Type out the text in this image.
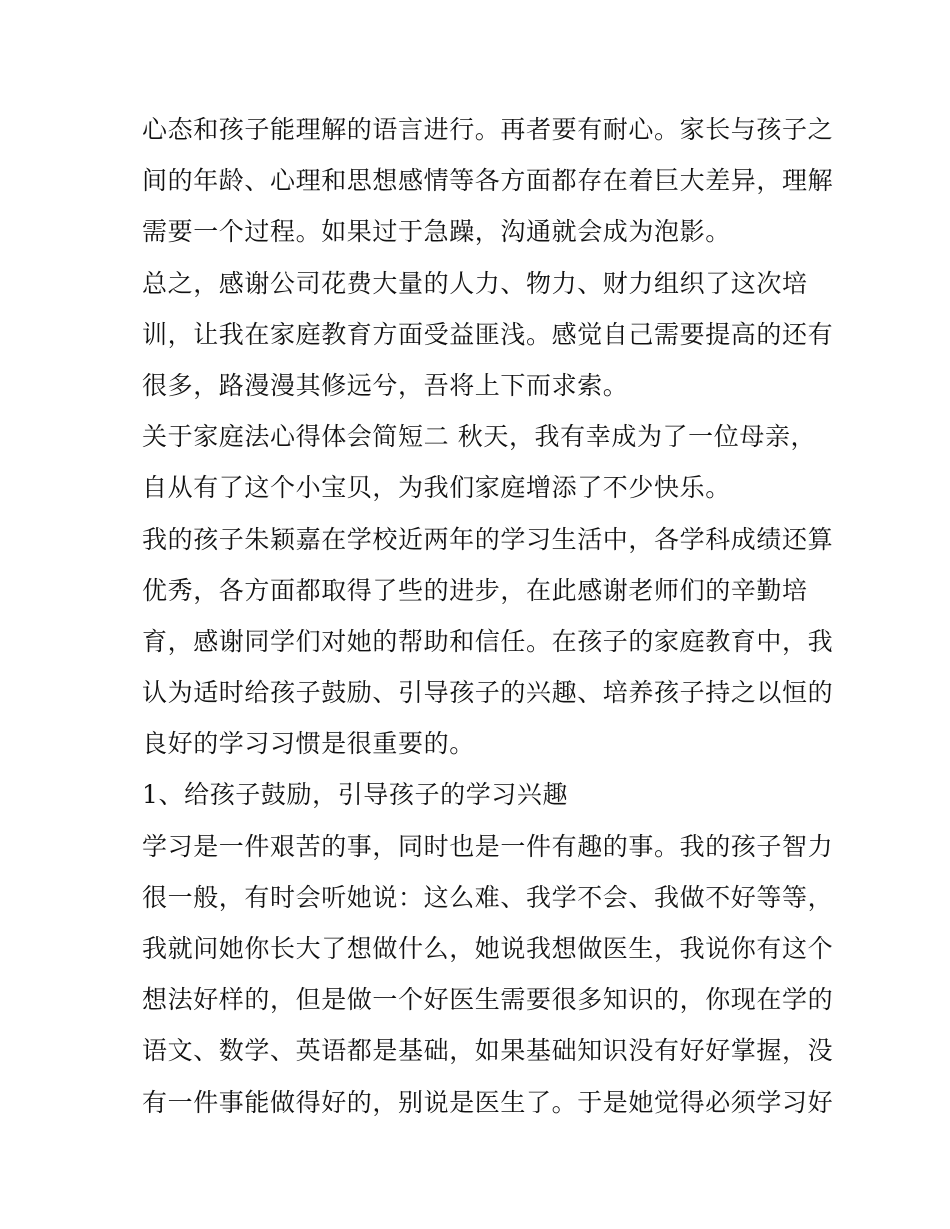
心态和孩子能理解的语言进行。再者要有耐心。家长与孩子之
间的年龄、心理和思想感情等各方面都存在着巨大差异，理解
需要一个过程。如果过于急躁，沟通就会成为泡影。
总之，感谢公司花费大量的人力、物力、财力组织了这次培
训，让我在家庭教育方面受益匪浅。感觉自己需要提高的还有
很多，路漫漫其修远兮，吾将上下而求索。
关于家庭法心得体会简短二 秋天，我有幸成为了一位母亲，
自从有了这个小宝贝，为我们家庭增添了不少快乐。
我的孩子朱颖嘉在学校近两年的学习生活中，各学科成绩还算
优秀，各方面都取得了些的进步，在此感谢老师们的辛勤培
育，感谢同学们对她的帮助和信任。在孩子的家庭教育中，我
认为适时给孩子鼓励、引导孩子的兴趣、培养孩子持之以恒的
良好的学习习惯是很重要的。
1、给孩子鼓励，引导孩子的学习兴趣
学习是一件艰苦的事，同时也是一件有趣的事。我的孩子智力
很一般，有时会听她说：这么难、我学不会、我做不好等等，
我就问她你长大了想做什么，她说我想做医生，我说你有这个
想法好样的，但是做一个好医生需要很多知识的，你现在学的
语文、数学、英语都是基础，如果基础知识没有好好掌握，没
有一件事能做得好的，别说是医生了。于是她觉得必须学习好
